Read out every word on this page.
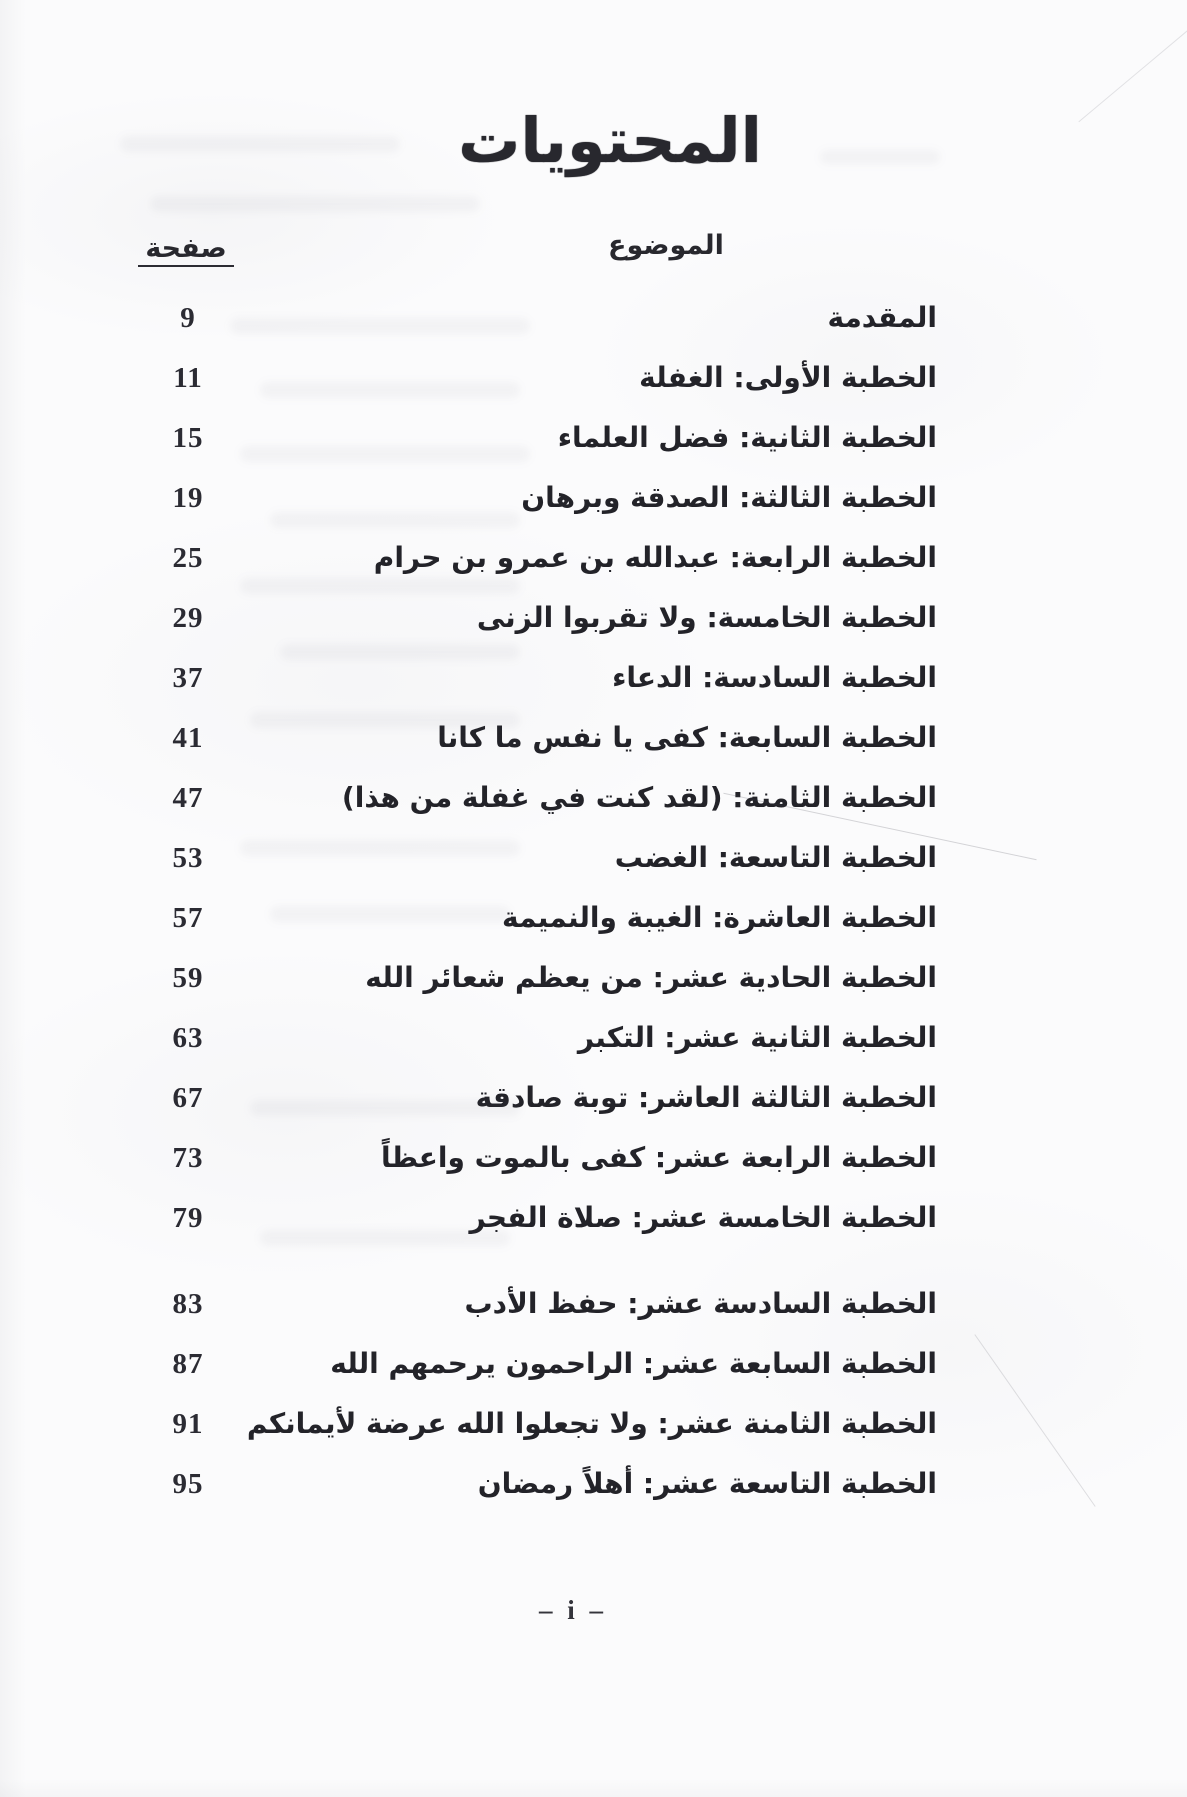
المحتويات
صفحة	الموضوع
9	المقدمة
11	الخطبة الأولى: الغفلة
15	الخطبة الثانية: فضل العلماء
19	الخطبة الثالثة: الصدقة وبرهان
25	الخطبة الرابعة: عبدالله بن عمرو بن حرام
29	الخطبة الخامسة: ولا تقربوا الزنى
37	الخطبة السادسة: الدعاء
41	الخطبة السابعة: كفى يا نفس ما كانا
47	الخطبة الثامنة: (لقد كنت في غفلة من هذا)
53	الخطبة التاسعة: الغضب
57	الخطبة العاشرة: الغيبة والنميمة
59	الخطبة الحادية عشر: من يعظم شعائر الله
63	الخطبة الثانية عشر: التكبر
67	الخطبة الثالثة العاشر: توبة صادقة
73	الخطبة الرابعة عشر: كفى بالموت واعظاً
79	الخطبة الخامسة عشر: صلاة الفجر
83	الخطبة السادسة عشر: حفظ الأدب
87	الخطبة السابعة عشر: الراحمون يرحمهم الله
91	الخطبة الثامنة عشر: ولا تجعلوا الله عرضة لأيمانكم
95	الخطبة التاسعة عشر: أهلاً رمضان
– i –
